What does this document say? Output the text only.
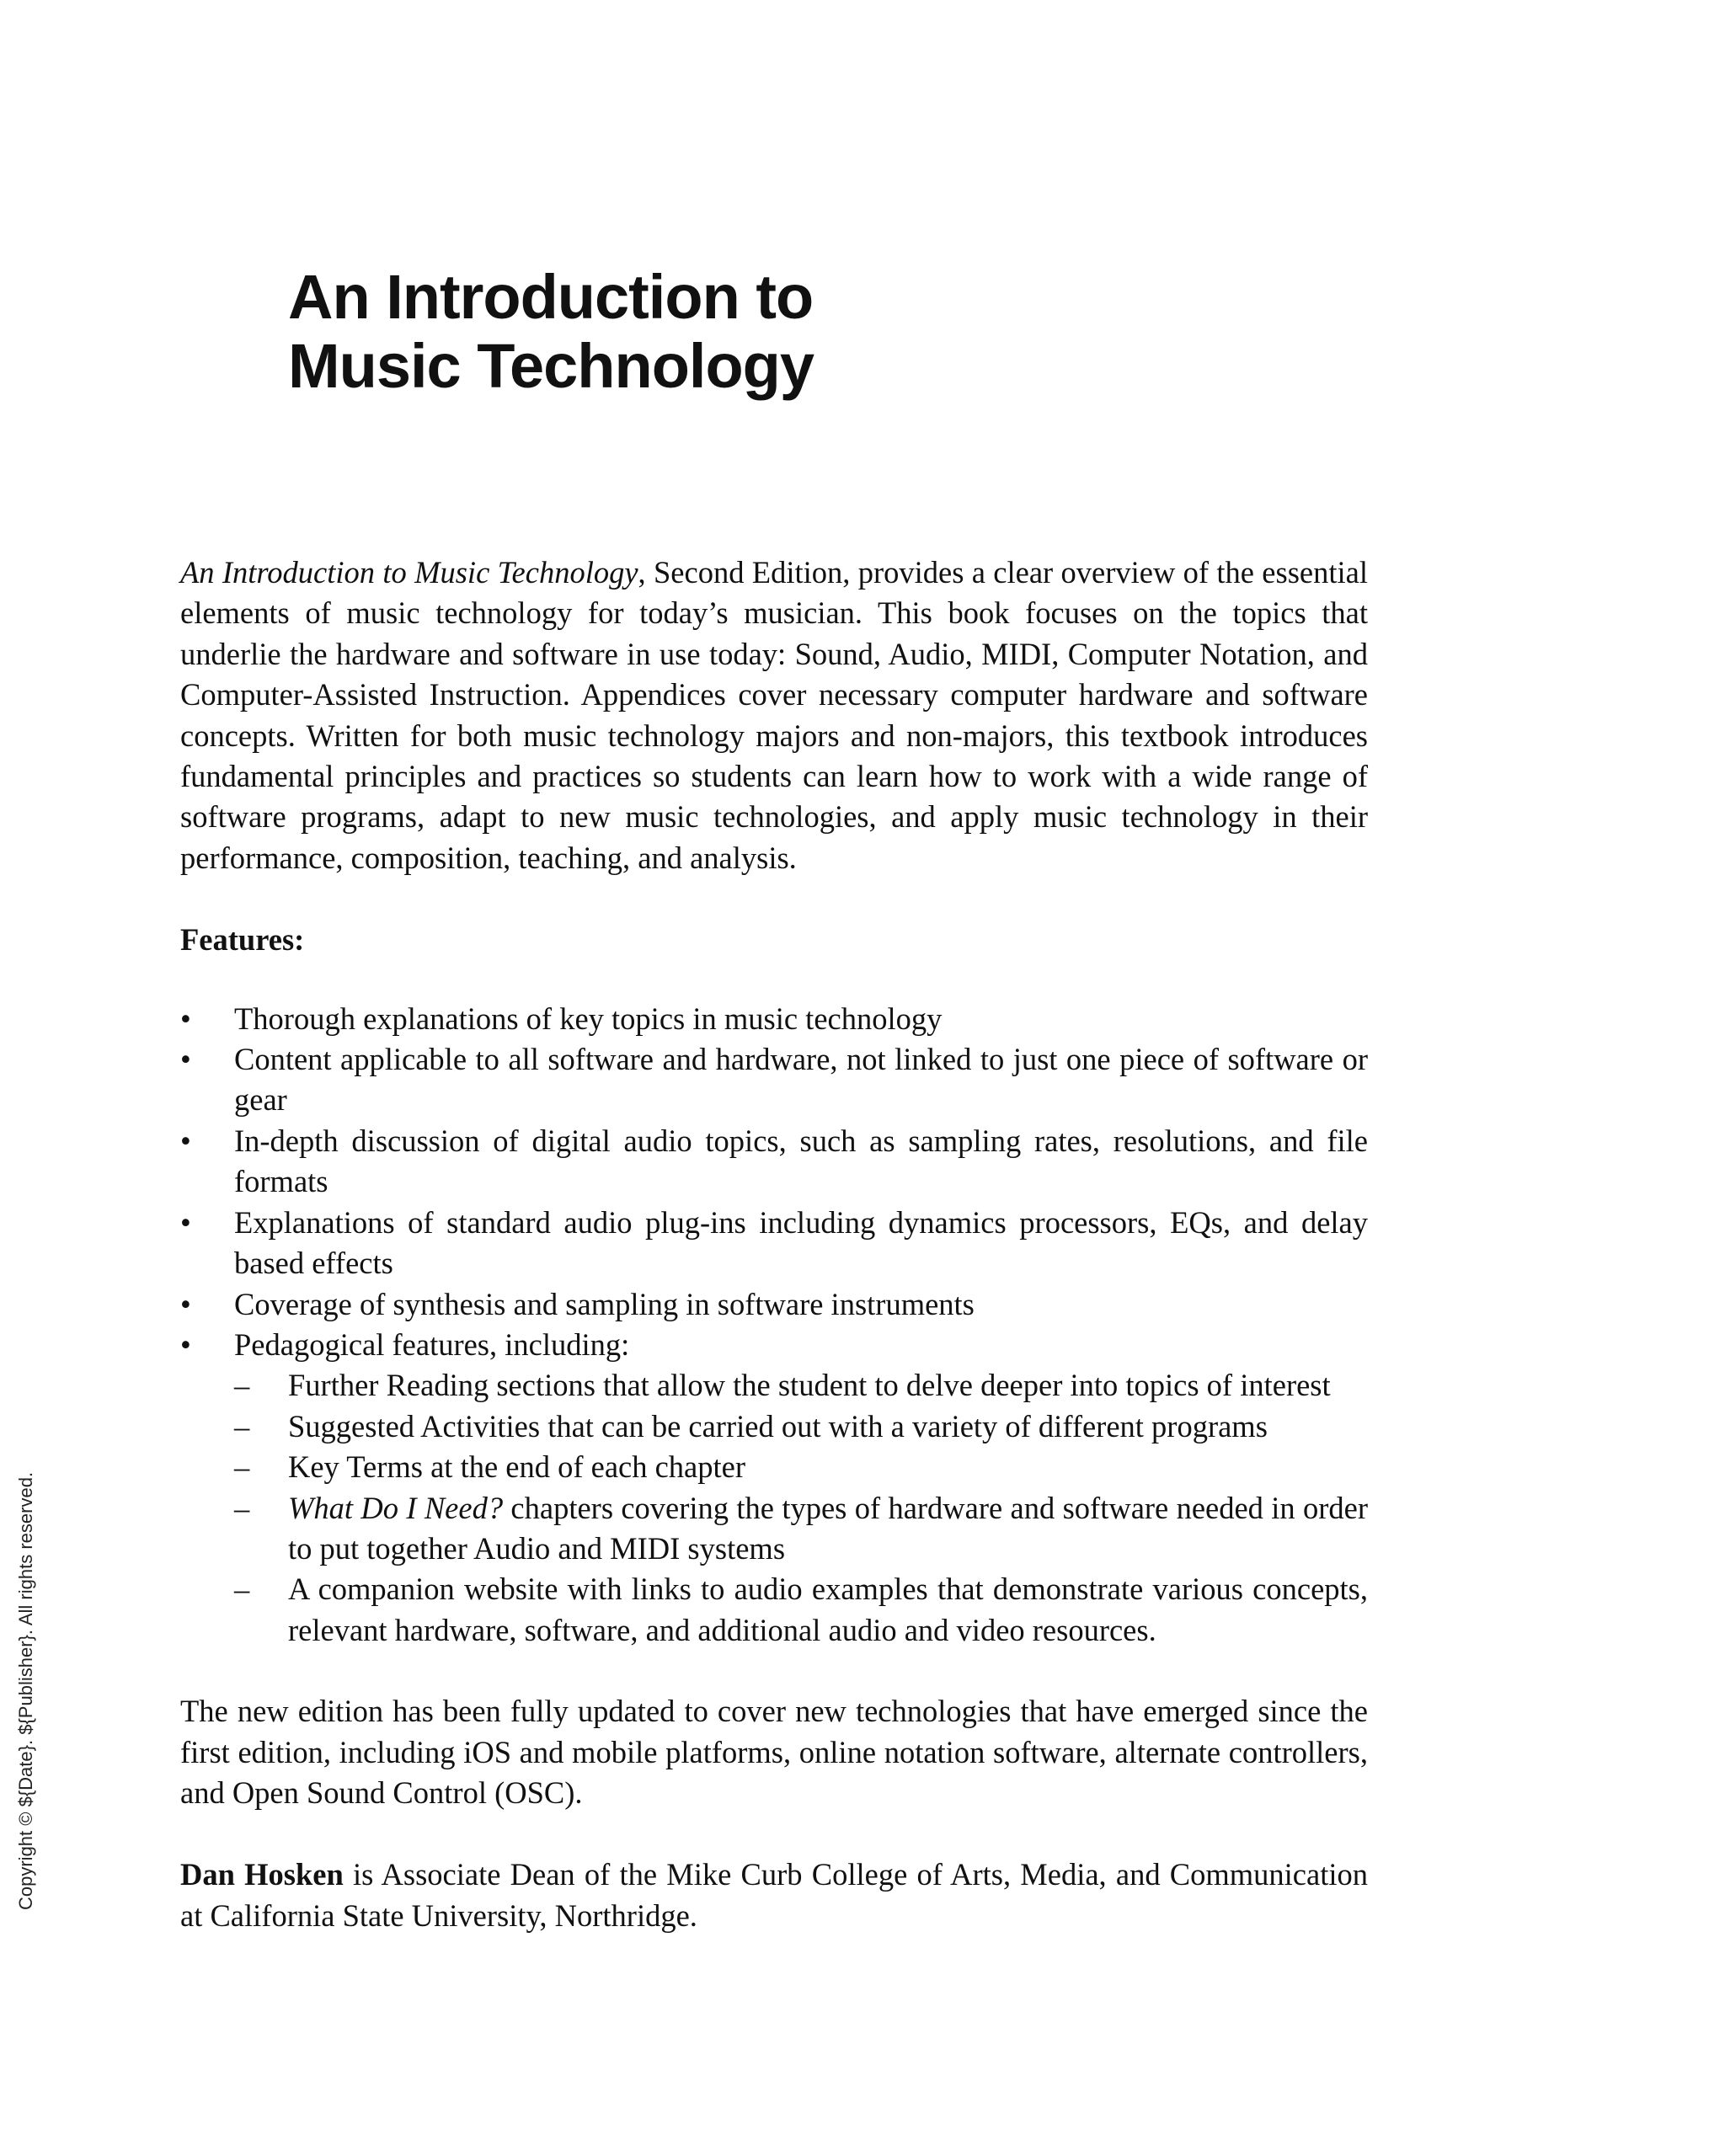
An Introduction to
Music Technology

An Introduction to Music Technology, Second Edition, provides a clear overview of the essential elements of music technology for today’s musician. This book focuses on the topics that underlie the hardware and software in use today: Sound, Audio, MIDI, Computer Notation, and Computer-Assisted Instruction. Appendices cover necessary computer hardware and software concepts. Written for both music technology majors and non-majors, this textbook introduces fundamental principles and practices so students can learn how to work with a wide range of software programs, adapt to new music technologies, and apply music technology in their performance, composition, teaching, and analysis.

Features:

• Thorough explanations of key topics in music technology
• Content applicable to all software and hardware, not linked to just one piece of software or gear
• In-depth discussion of digital audio topics, such as sampling rates, resolutions, and file formats
• Explanations of standard audio plug-ins including dynamics processors, EQs, and delay based effects
• Coverage of synthesis and sampling in software instruments
• Pedagogical features, including:
– Further Reading sections that allow the student to delve deeper into topics of interest
– Suggested Activities that can be carried out with a variety of different programs
– Key Terms at the end of each chapter
– What Do I Need? chapters covering the types of hardware and software needed in order to put together Audio and MIDI systems
– A companion website with links to audio examples that demonstrate various concepts, relevant hardware, software, and additional audio and video resources.

The new edition has been fully updated to cover new technologies that have emerged since the first edition, including iOS and mobile platforms, online notation software, alternate controllers, and Open Sound Control (OSC).

Dan Hosken is Associate Dean of the Mike Curb College of Arts, Media, and Communication at California State University, Northridge.

Copyright © ${Date}. ${Publisher}. All rights reserved.
